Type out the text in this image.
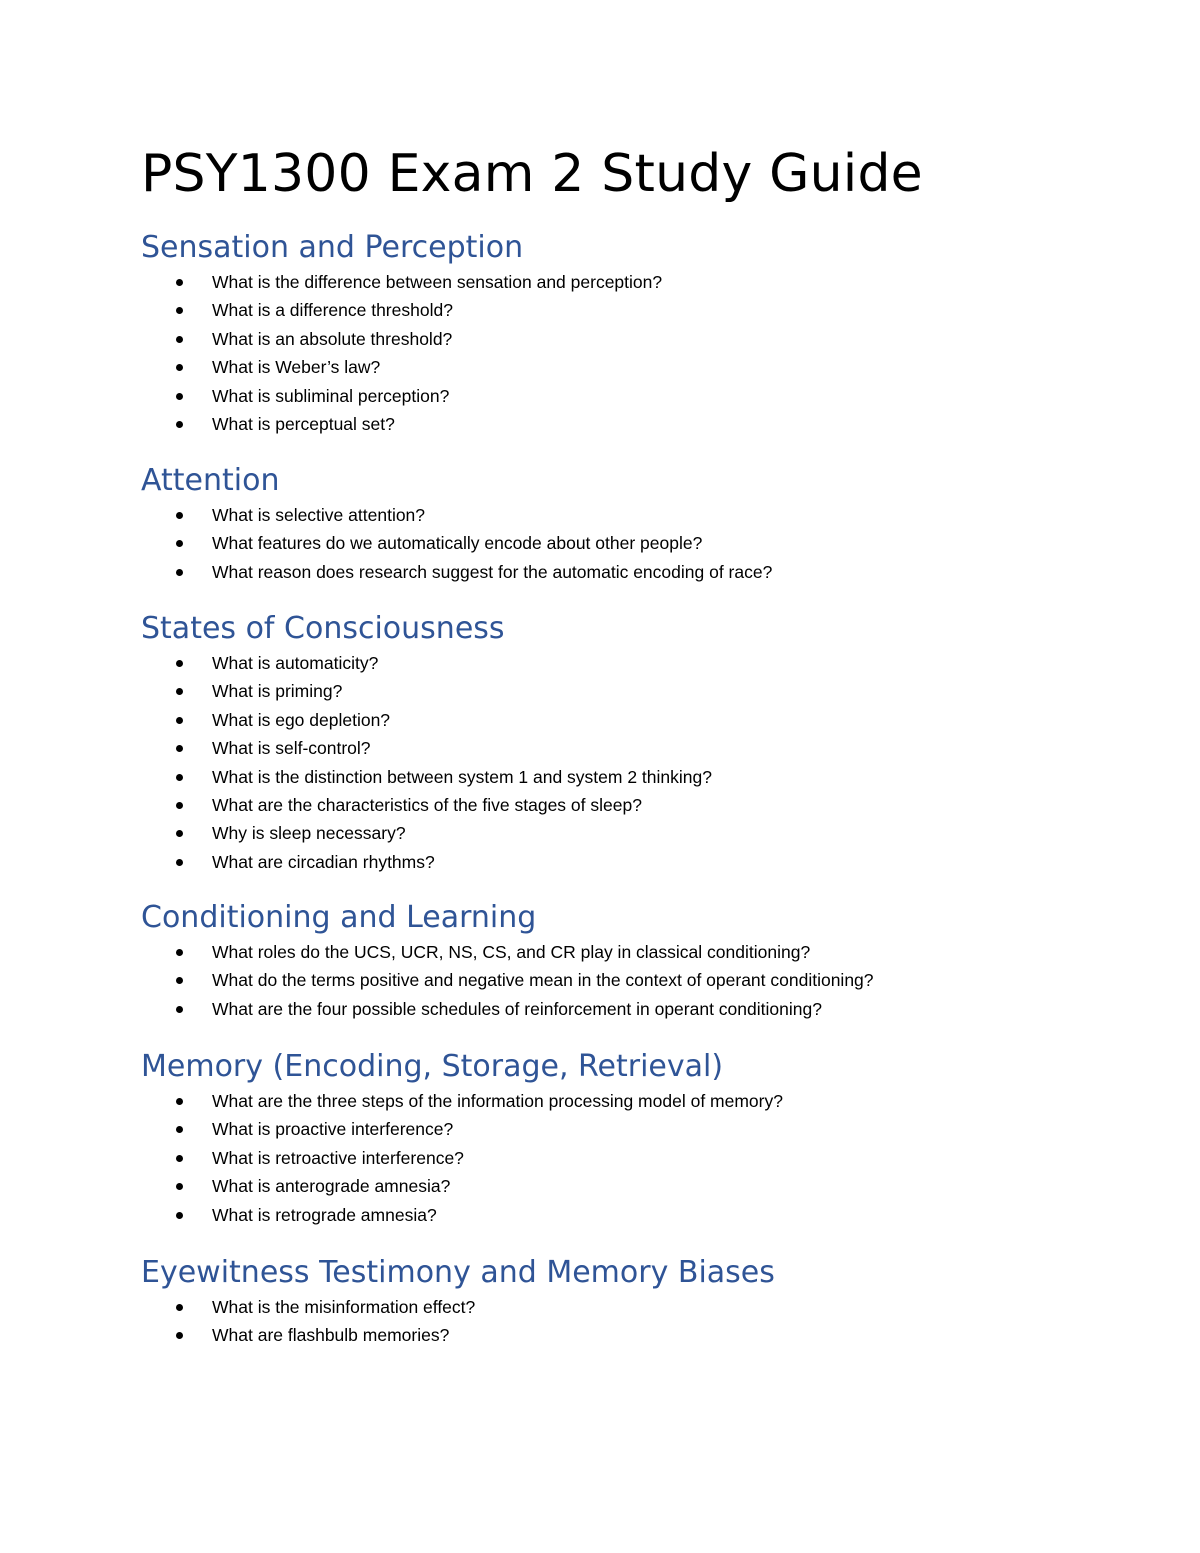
PSY1300 Exam 2 Study Guide
Sensation and Perception
What is the difference between sensation and perception?
What is a difference threshold?
What is an absolute threshold?
What is Weber’s law?
What is subliminal perception?
What is perceptual set?
Attention
What is selective attention?
What features do we automatically encode about other people?
What reason does research suggest for the automatic encoding of race?
States of Consciousness
What is automaticity?
What is priming?
What is ego depletion?
What is self-control?
What is the distinction between system 1 and system 2 thinking?
What are the characteristics of the five stages of sleep?
Why is sleep necessary?
What are circadian rhythms?
Conditioning and Learning
What roles do the UCS, UCR, NS, CS, and CR play in classical conditioning?
What do the terms positive and negative mean in the context of operant conditioning?
What are the four possible schedules of reinforcement in operant conditioning?
Memory (Encoding, Storage, Retrieval)
What are the three steps of the information processing model of memory?
What is proactive interference?
What is retroactive interference?
What is anterograde amnesia?
What is retrograde amnesia?
Eyewitness Testimony and Memory Biases
What is the misinformation effect?
What are flashbulb memories?
